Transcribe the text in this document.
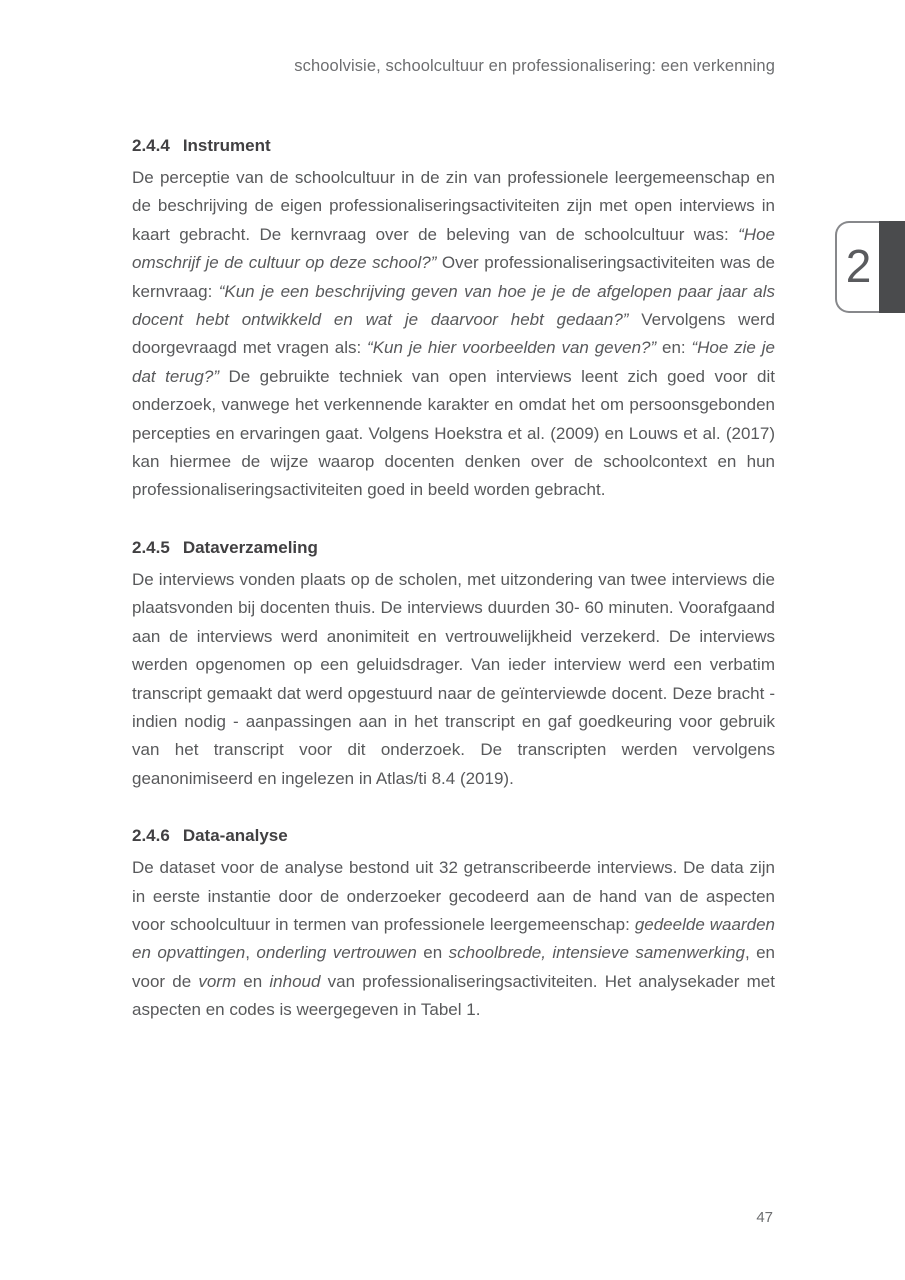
schoolvisie, schoolcultuur en professionalisering: een verkenning
2
2.4.4 Instrument

De perceptie van de schoolcultuur in de zin van professionele leergemeenschap en de beschrijving de eigen professionaliseringsactiviteiten zijn met open interviews in kaart gebracht. De kernvraag over de beleving van de schoolcultuur was: “Hoe omschrijf je de cultuur op deze school?” Over professionaliseringsactiviteiten was de kernvraag: “Kun je een beschrijving geven van hoe je je de afgelopen paar jaar als docent hebt ontwikkeld en wat je daarvoor hebt gedaan?” Vervolgens werd doorgevraagd met vragen als: “Kun je hier voorbeelden van geven?” en: “Hoe zie je dat terug?” De gebruikte techniek van open interviews leent zich goed voor dit onderzoek, vanwege het verkennende karakter en omdat het om persoonsgebonden percepties en ervaringen gaat. Volgens Hoekstra et al. (2009) en Louws et al. (2017) kan hiermee de wijze waarop docenten denken over de schoolcontext en hun professionaliseringsactiviteiten goed in beeld worden gebracht.

2.4.5 Dataverzameling

De interviews vonden plaats op de scholen, met uitzondering van twee interviews die plaatsvonden bij docenten thuis. De interviews duurden 30- 60 minuten. Voorafgaand aan de interviews werd anonimiteit en vertrouwelijkheid verzekerd. De interviews werden opgenomen op een geluidsdrager. Van ieder interview werd een verbatim transcript gemaakt dat werd opgestuurd naar de geïnterviewde docent. Deze bracht - indien nodig - aanpassingen aan in het transcript en gaf goedkeuring voor gebruik van het transcript voor dit onderzoek. De transcripten werden vervolgens geanonimiseerd en ingelezen in Atlas/ti 8.4 (2019).

2.4.6 Data-analyse

De dataset voor de analyse bestond uit 32 getranscribeerde interviews. De data zijn in eerste instantie door de onderzoeker gecodeerd aan de hand van de aspecten voor schoolcultuur in termen van professionele leergemeenschap: gedeelde waarden en opvattingen, onderling vertrouwen en schoolbrede, intensieve samenwerking, en voor de vorm en inhoud van professionaliseringsactiviteiten. Het analysekader met aspecten en codes is weergegeven in Tabel 1.

47
